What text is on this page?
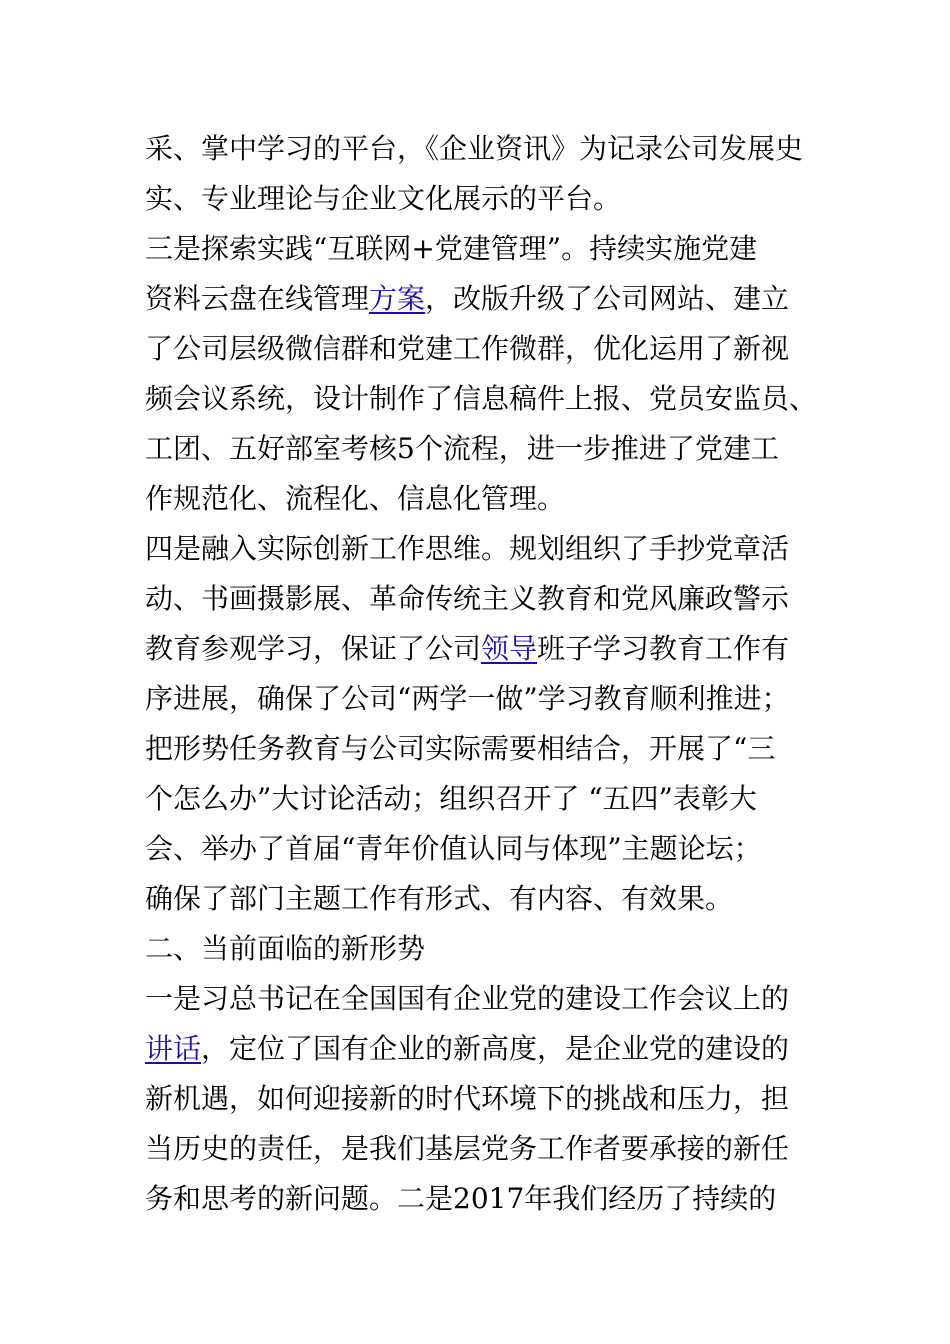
采、掌中学习的平台，《企业资讯》为记录公司发展史
实、专业理论与企业文化展示的平台。
三是探索实践“互联网+党建管理”。持续实施党建
资料云盘在线管理方案，改版升级了公司网站、建立
了公司层级微信群和党建工作微群，优化运用了新视
频会议系统，设计制作了信息稿件上报、党员安监员、
工团、五好部室考核5个流程，进一步推进了党建工
作规范化、流程化、信息化管理。
四是融入实际创新工作思维。规划组织了手抄党章活
动、书画摄影展、革命传统主义教育和党风廉政警示
教育参观学习，保证了公司领导班子学习教育工作有
序进展，确保了公司“两学一做”学习教育顺利推进；
把形势任务教育与公司实际需要相结合，开展了“三
个怎么办”大讨论活动；组织召开了 “五四”表彰大
会、举办了首届“青年价值认同与体现”主题论坛；
确保了部门主题工作有形式、有内容、有效果。
二、当前面临的新形势
一是习总书记在全国国有企业党的建设工作会议上的
讲话，定位了国有企业的新高度，是企业党的建设的
新机遇，如何迎接新的时代环境下的挑战和压力，担
当历史的责任，是我们基层党务工作者要承接的新任
务和思考的新问题。二是2017年我们经历了持续的
